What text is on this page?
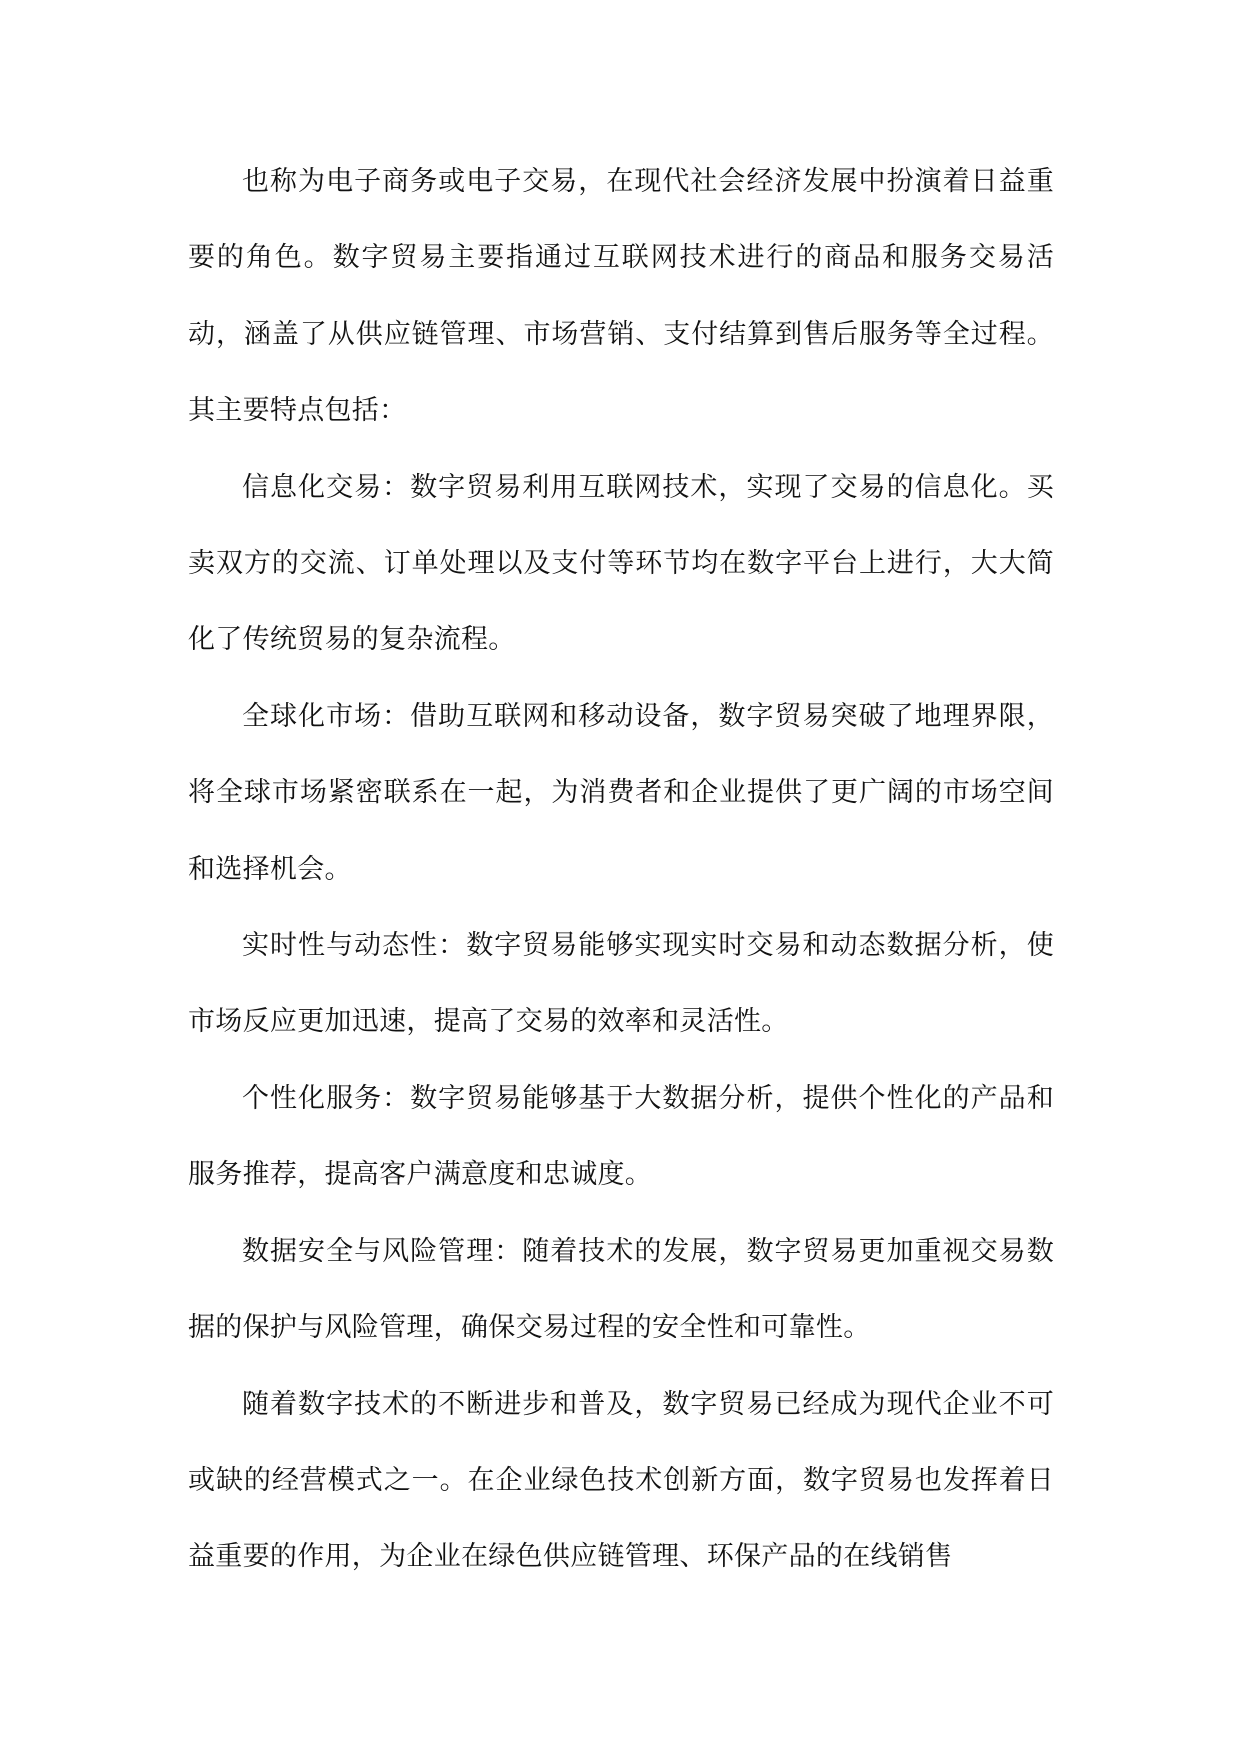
也称为电子商务或电子交易，在现代社会经济发展中扮演着日益重要的角色。数字贸易主要指通过互联网技术进行的商品和服务交易活动，涵盖了从供应链管理、市场营销、支付结算到售后服务等全过程。其主要特点包括：

信息化交易：数字贸易利用互联网技术，实现了交易的信息化。买卖双方的交流、订单处理以及支付等环节均在数字平台上进行，大大简化了传统贸易的复杂流程。

全球化市场：借助互联网和移动设备，数字贸易突破了地理界限，将全球市场紧密联系在一起，为消费者和企业提供了更广阔的市场空间和选择机会。

实时性与动态性：数字贸易能够实现实时交易和动态数据分析，使市场反应更加迅速，提高了交易的效率和灵活性。

个性化服务：数字贸易能够基于大数据分析，提供个性化的产品和服务推荐，提高客户满意度和忠诚度。

数据安全与风险管理：随着技术的发展，数字贸易更加重视交易数据的保护与风险管理，确保交易过程的安全性和可靠性。

随着数字技术的不断进步和普及，数字贸易已经成为现代企业不可或缺的经营模式之一。在企业绿色技术创新方面，数字贸易也发挥着日益重要的作用，为企业在绿色供应链管理、环保产品的在线销售
